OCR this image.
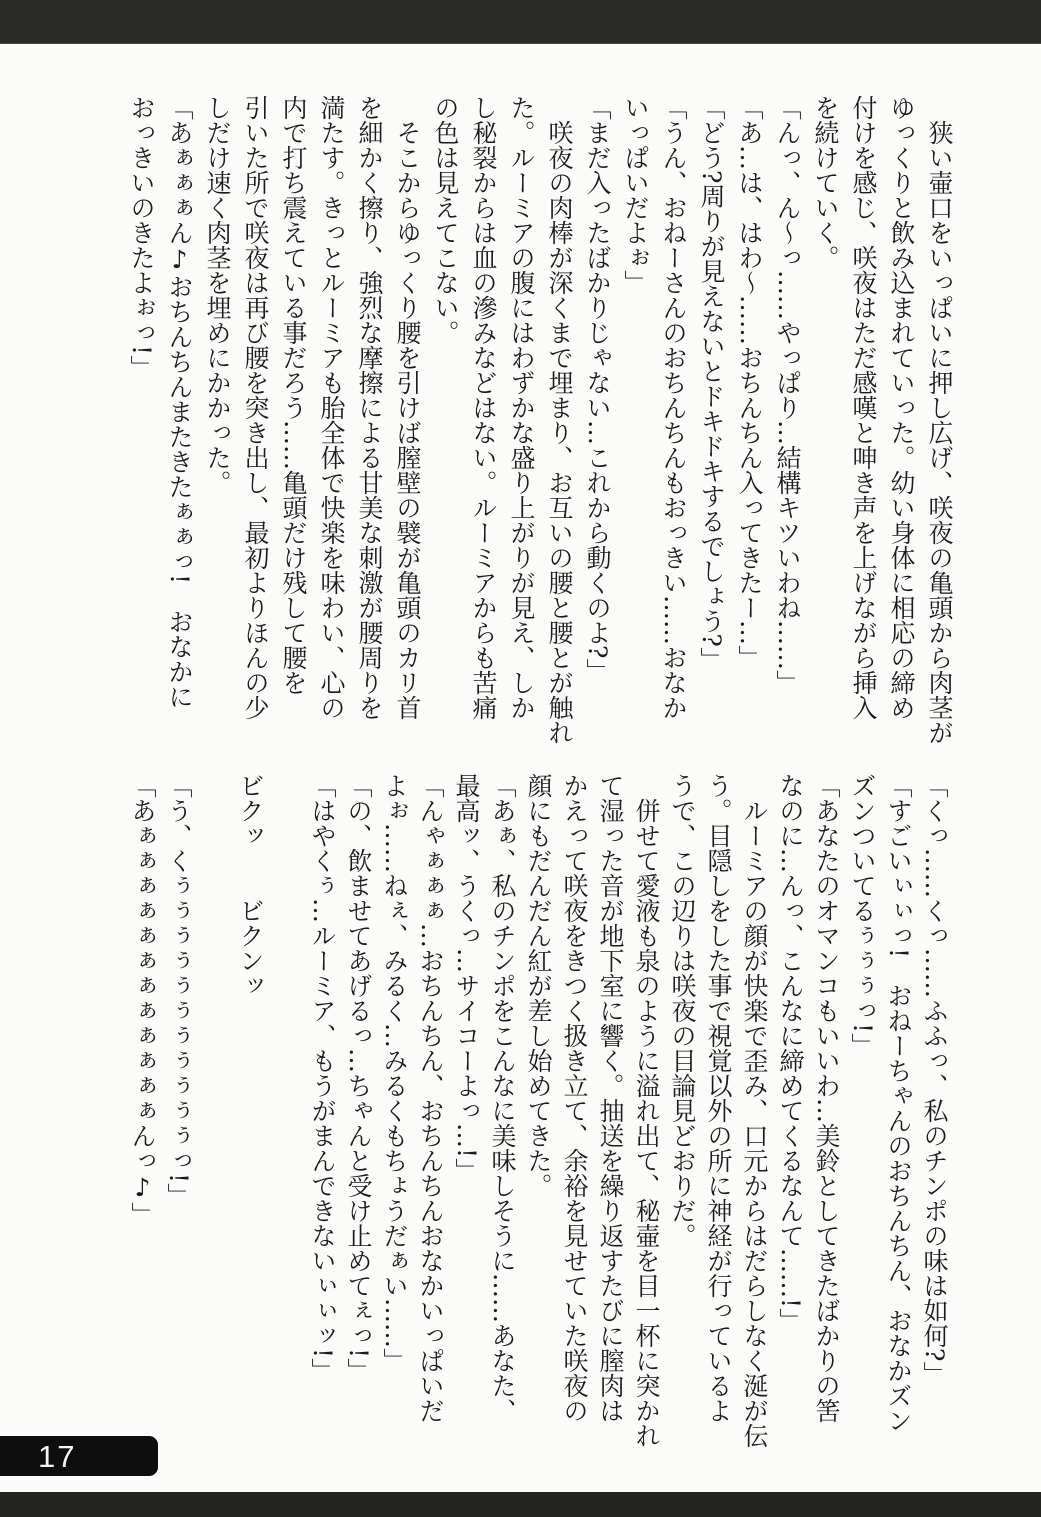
　狭い壷口をいっぱいに押し広げ、咲夜の亀頭から肉茎が
ゆっくりと飲み込まれていった。幼い身体に相応の締め
付けを感じ、咲夜はただ感嘆と呻き声を上げながら挿入
を続けていく。
「んっ、ん〜っ……やっぱり…結構キツいわね……」
「あ…は、はわ〜……おちんちん入ってきたー…」
「どう?周りが見えないとドキドキするでしょう?」
「うん、おねーさんのおちんちんもおっきい……おなか
いっぱいだよぉ」
「まだ入ったばかりじゃない…これから動くのよ?」
　咲夜の肉棒が深くまで埋まり、お互いの腰と腰とが触れ
た。ルーミアの腹にはわずかな盛り上がりが見え、しか
し秘裂からは血の滲みなどはない。ルーミアからも苦痛
の色は見えてこない。
　そこからゆっくり腰を引けば膣壁の襞が亀頭のカリ首
を細かく擦り、強烈な摩擦による甘美な刺激が腰周りを
満たす。きっとルーミアも胎全体で快楽を味わい、心の
内で打ち震えている事だろう……亀頭だけ残して腰を
引いた所で咲夜は再び腰を突き出し、最初よりほんの少
しだけ速く肉茎を埋めにかかった。
「あぁぁぁん♪おちんちんまたきたぁぁっ!　おなかに
おっきいのきたよぉっ!」
「くっ……くっ……ふふっ、私のチンポの味は如何?」
「すごいぃぃっ!　おねーちゃんのおちんちん、おなかズン
ズンついてるぅぅぅっ!」
「あなたのオマンコもいいわ…美鈴としてきたばかりの筈
なのに…んっ、こんなに締めてくるなんて……!」
　ルーミアの顔が快楽で歪み、口元からはだらしなく涎が伝
う。目隠しをした事で視覚以外の所に神経が行っているよ
うで、この辺りは咲夜の目論見どおりだ。
　併せて愛液も泉のように溢れ出て、秘壷を目一杯に突かれ
て湿った音が地下室に響く。抽送を繰り返すたびに膣肉は
かえって咲夜をきつく扱き立て、余裕を見せていた咲夜の
顔にもだんだん紅が差し始めてきた。
「あぁ、私のチンポをこんなに美味しそうに……あなた、
最高ッ、うくっ…サイコーよっ…!」
「んゃぁぁぁ…おちんちん、おちんちんおなかいっぱいだ
よぉ……ねぇ、みるく…みるくもちょうだぁい……」
「の、飲ませてあげるっ…ちゃんと受け止めてぇっ!」
「はやくぅ…ルーミア、もうがまんできないぃぃッ!」

ビクッ　　ビクンッ

「う、くぅぅぅぅぅぅぅぅぅぅぅっ!」
「あぁぁぁぁぁぁぁぁぁぁぁぁんっ♪」
17
